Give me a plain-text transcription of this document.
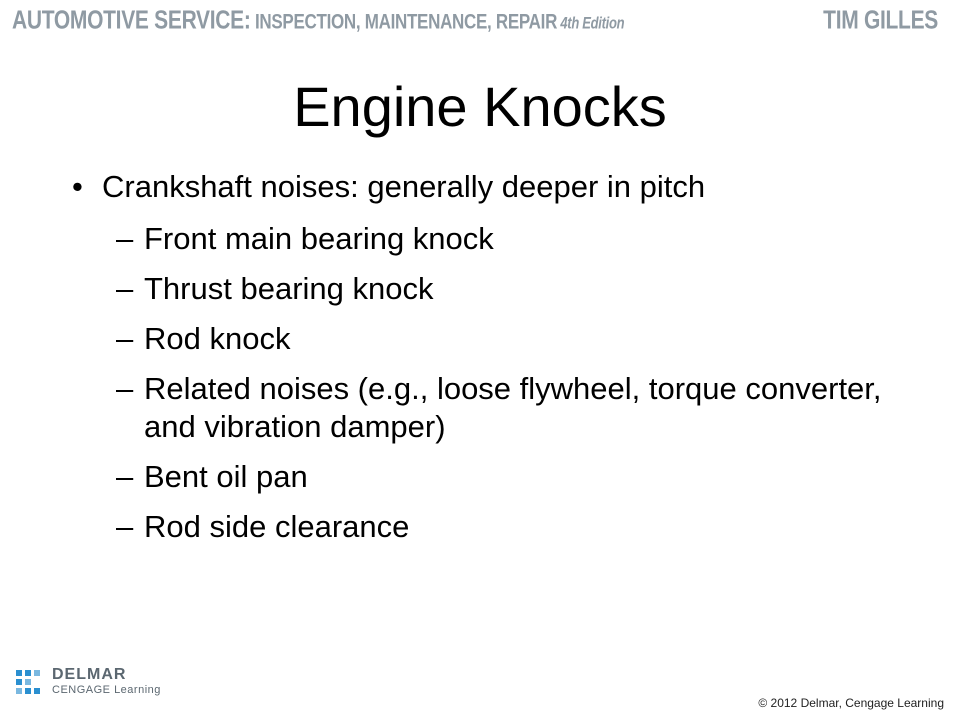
AUTOMOTIVE SERVICE: INSPECTION, MAINTENANCE, REPAIR 4th Edition	TIM GILLES
Engine Knocks
• Crankshaft noises: generally deeper in pitch
– Front main bearing knock
– Thrust bearing knock
– Rod knock
– Related noises (e.g., loose flywheel, torque converter, and vibration damper)
– Bent oil pan
– Rod side clearance
DELMAR
CENGAGE Learning
© 2012 Delmar, Cengage Learning
